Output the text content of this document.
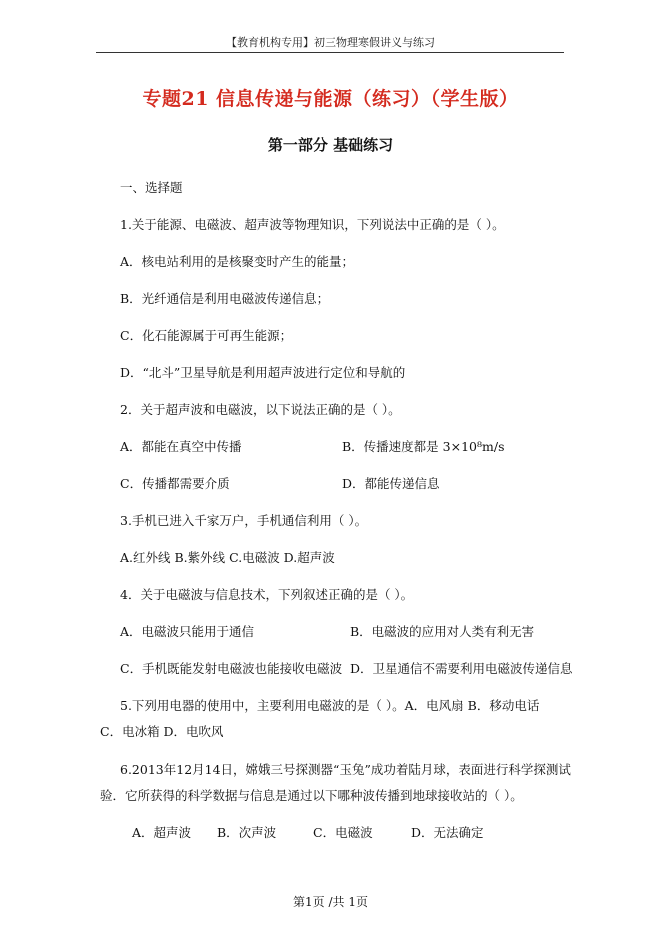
【教育机构专用】初三物理寒假讲义与练习
专题21 信息传递与能源（练习）（学生版）
第一部分 基础练习
一、选择题
1.关于能源、电磁波、超声波等物理知识，下列说法中正确的是（ ）。
A．核电站利用的是核聚变时产生的能量；
B．光纤通信是利用电磁波传递信息；
C．化石能源属于可再生能源；
D．“北斗”卫星导航是利用超声波进行定位和导航的
2．关于超声波和电磁波，以下说法正确的是（ ）。
A．都能在真空中传播	B．传播速度都是 3×10⁸m/s
C．传播都需要介质	D．都能传递信息
3.手机已进入千家万户，手机通信利用（ ）。
A.红外线 B.紫外线 C.电磁波 D.超声波
4．关于电磁波与信息技术，下列叙述正确的是（ ）。
A．电磁波只能用于通信	B．电磁波的应用对人类有利无害
C．手机既能发射电磁波也能接收电磁波 D．卫星通信不需要利用电磁波传递信息
5.下列用电器的使用中，主要利用电磁波的是（ ）。A．电风扇 B．移动电话
C．电冰箱 D．电吹风
6.2013年12月14日，嫦娥三号探测器“玉兔”成功着陆月球，表面进行科学探测试
验．它所获得的科学数据与信息是通过以下哪种波传播到地球接收站的（ ）。
A．超声波 B．次声波	C．电磁波	D．无法确定
第1页 /共 1页
